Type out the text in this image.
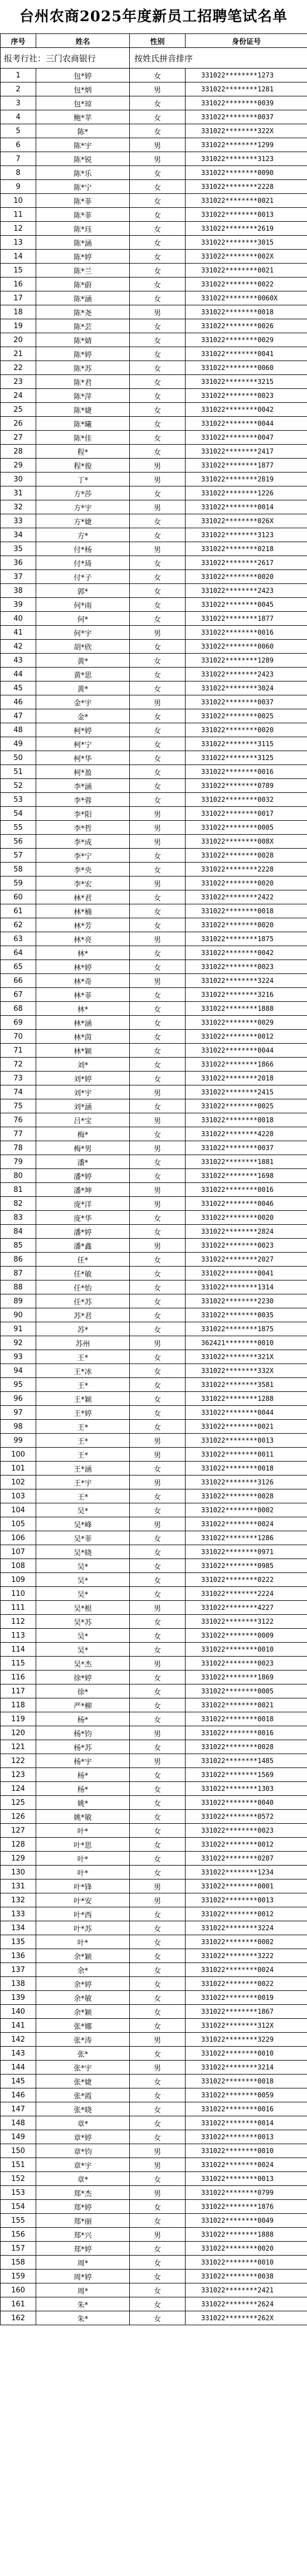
台州农商2025年度新员工招聘笔试名单
序号	姓名	性别	身份证号
报考行社：三门农商银行		按姓氏拼音排序	
1	包*婷	女	331022********1273
2	包*炳	男	331022********1281
3	包*琼	女	331022********0039
4	鲍*苹	女	331022********0037
5	陈*	女	331022********322X
6	陈*宇	男	331022********1299
7	陈*锐	男	331022********3123
8	陈*乐	女	331022********0090
9	陈*宁	女	331022********2228
10	陈*菲	女	331022********0021
11	陈*菲	女	331022********0013
12	陈*珏	女	331022********2619
13	陈*涵	女	331022********3015
14	陈*婷	女	331022********002X
15	陈*兰	女	331022********0021
16	陈*蔚	女	331022********0022
17	陈*涵	女	331022********0060X
18	陈*尧	男	331022********0018
19	陈*芸	女	331022********0026
20	陈*婧	女	331022********0029
21	陈*婷	女	331022********0041
22	陈*苏	女	331022********0060
23	陈*君	女	331022********3215
24	陈*萍	女	331022********0023
25	陈*婕	女	331022********0042
26	陈*曦	女	331022********0044
27	陈*佳	女	331022********0047
28	程*	女	331022********2417
29	程*俊	男	331022********1877
30	丁*	男	331022********2819
31	方*莎	女	331022********1226
32	方*宇	男	331022********0014
33	方*婕	女	331022********026X
34	方*	女	331022********3123
35	付*杨	男	331022********0218
36	付*琦	女	331022********2617
37	付*子	女	331022********0020
38	郭*	女	331022********2423
39	何*雨	女	331022********0045
40	何*	女	331022********1877
41	何*宇	男	331022********0016
42	胡*欣	女	331022********0060
43	黄*	女	331022********1289
44	黄*思	女	331022********2423
45	黄*	女	331022********3024
46	金*宇	男	331022********0037
47	金*	女	331022********0025
48	柯*婷	女	331022********0020
49	柯*宁	女	331022********3115
50	柯*华	女	331022********3125
51	柯*盈	女	331022********0016
52	李*涵	女	331022********0789
53	李*蓉	女	331022********0032
54	李*阳	男	331022********0017
55	李*哲	男	331022********0005
56	李*成	男	331022********008X
57	李*宁	女	331022********0028
58	李*央	女	331022********2228
59	李*宏	男	331022********0020
60	林*君	女	331022********2422
61	林*楠	女	331022********0018
62	林*芳	女	331022********0020
63	林*亮	男	331022********1875
64	林*	女	331022********0042
65	林*婷	女	331022********0023
66	林*奇	男	331022********3224
67	林*菲	女	331022********3216
68	林*	女	331022********1888
69	林*涵	女	331022********0029
70	林*茵	女	331022********0012
71	林*颖	女	331022********0044
72	刘*	女	331022********1866
73	刘*婷	女	331022********2018
74	刘*宇	男	331022********2415
75	刘*涵	女	331022********0025
76	吕*宝	男	331022********0018
77	梅*	女	331022********4228
78	梅*男	男	331022********0037
79	潘*	女	331022********1881
80	潘*婷	女	331022********1698
81	潘*坤	男	331022********0016
82	庞*洋	男	331022********0046
83	庞*华	女	331022********0020
84	潘*婷	女	331022********2824
85	潘*鑫	男	331022********0023
86	任*	女	331022********2027
87	任*敏	女	331022********0041
88	任*怡	女	331022********1314
89	任*苏	女	331022********2230
90	苏*君	女	331022********0035
91	苏*	女	331022********1875
92	苏州	男	362421********0010
93	王*	女	331022********321X
94	王*冰	女	331022********332X
95	王*	女	331022********3581
96	王*颖	女	331022********1288
97	王*婷	女	331022********0044
98	王*	女	331022********0021
99	王*	男	331022********0013
100	王*	男	331022********0011
101	王*涵	女	331022********0018
102	王*宇	男	331022********3126
103	王*	女	331022********0028
104	吴*	女	331022********0002
105	吴*峰	男	331022********0024
106	吴*菲	女	331022********1286
107	吴*晓	女	331022********0971
108	吴*	女	331022********0985
109	吴*	女	331022********0222
110	吴*	女	331022********2224
111	吴*根	男	331022********4227
112	吴*苏	女	331022********3122
113	吴*	女	331022********0009
114	吴*	女	331022********0010
115	吴*杰	男	331022********0023
116	徐*婷	女	331022********1869
117	徐*	女	331022********0005
118	严*柳	女	331022********0021
119	杨*	女	331022********0018
120	杨*钧	男	331022********0016
121	杨*苏	女	331022********0028
122	杨*宇	男	331022********1485
123	杨*	女	331022********1569
124	杨*	女	331022********1303
125	姚*	女	331022********0040
126	姚*敏	女	331022********0572
127	叶*	女	331022********0023
128	叶*思	女	331022********0012
129	叶*	女	331022********0207
130	叶*	女	331022********1234
131	叶*锋	男	331022********0001
132	叶*安	男	331022********0013
133	叶*西	女	331022********0012
134	叶*苏	女	331022********3224
135	叶*	女	331022********0002
136	余*颖	女	331022********3222
137	余*	女	331022********0024
138	余*婷	女	331022********0022
139	余*敏	女	331022********0019
140	余*颖	女	331022********1867
141	张*娜	女	331022********312X
142	张*涛	男	331022********3229
143	张*	女	331022********0010
144	张*宇	男	331022********3214
145	张*婕	女	331022********0018
146	张*霞	女	331022********0059
147	张*晓	女	331022********0016
148	章*	女	331022********0014
149	章*婷	女	331022********0013
150	章*钧	男	331022********0010
151	章*宇	男	331022********0024
152	章*	女	331022********0013
153	郑*杰	男	331022********0799
154	郑*婷	女	331022********1876
155	郑*丽	女	331022********0049
156	郑*兴	男	331022********1888
157	郑*婷	女	331022********0020
158	周*	女	331022********0010
159	周*婷	女	331022********0038
160	周*	女	331022********2421
161	朱*	女	331022********2624
162	朱*	女	331022********262X
